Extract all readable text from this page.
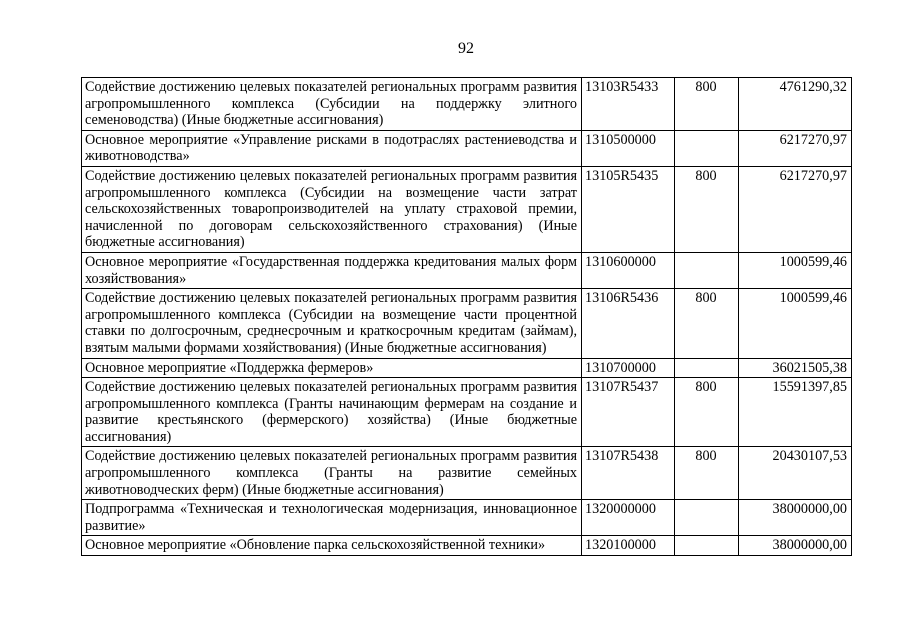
92
Содействие достижению целевых показателей региональных программ развития агропромышленного комплекса (Субсидии на поддержку элитного семеноводства) (Иные бюджетные ассигнования)	13103R5433	800	4761290,32
Основное мероприятие «Управление рисками в подотраслях растениеводства и животноводства»	1310500000		6217270,97
Содействие достижению целевых показателей региональных программ развития агропромышленного комплекса (Субсидии на возмещение части затрат сельскохозяйственных товаропроизводителей на уплату страховой премии, начисленной по договорам сельскохозяйственного страхования) (Иные бюджетные ассигнования)	13105R5435	800	6217270,97
Основное мероприятие «Государственная поддержка кредитования малых форм хозяйствования»	1310600000		1000599,46
Содействие достижению целевых показателей региональных программ развития агропромышленного комплекса (Субсидии на возмещение части процентной ставки по долгосрочным, среднесрочным и краткосрочным кредитам (займам), взятым малыми формами хозяйствования) (Иные бюджетные ассигнования)	13106R5436	800	1000599,46
Основное мероприятие «Поддержка фермеров»	1310700000		36021505,38
Содействие достижению целевых показателей региональных программ развития агропромышленного комплекса (Гранты начинающим фермерам на создание и развитие крестьянского (фермерского) хозяйства) (Иные бюджетные ассигнования)	13107R5437	800	15591397,85
Содействие достижению целевых показателей региональных программ развития агропромышленного комплекса (Гранты на развитие семейных животноводческих ферм) (Иные бюджетные ассигнования)	13107R5438	800	20430107,53
Подпрограмма «Техническая и технологическая модернизация, инновационное развитие»	1320000000		38000000,00
Основное мероприятие «Обновление парка сельскохозяйственной техники»	1320100000		38000000,00
